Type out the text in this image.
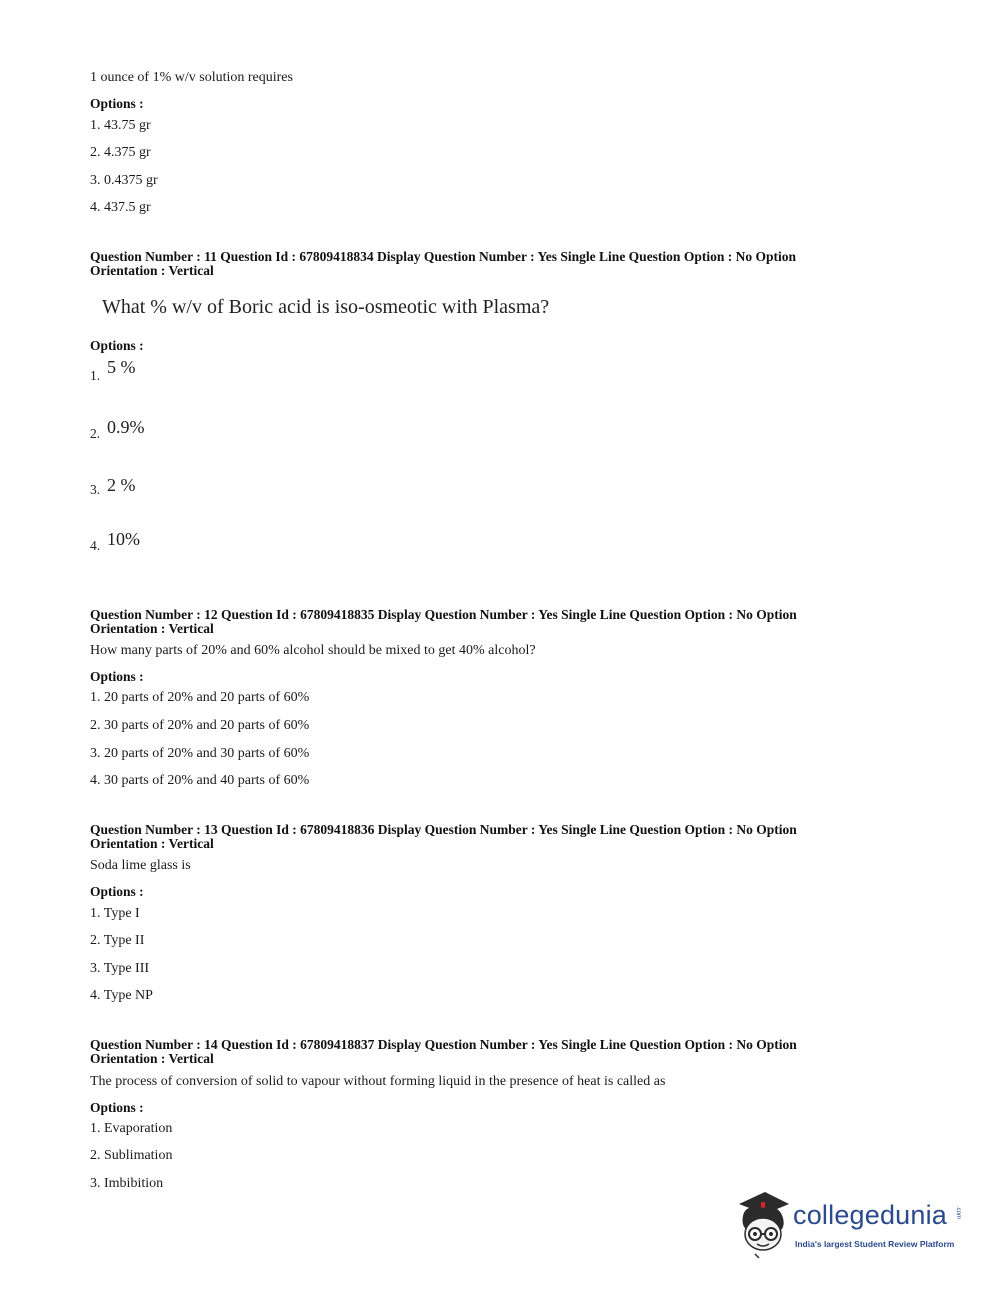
1 ounce of 1% w/v solution requires
Options :
1. 43.75 gr
2. 4.375 gr
3. 0.4375 gr
4. 437.5 gr
Question Number : 11 Question Id : 67809418834 Display Question Number : Yes Single Line Question Option : No Option
Orientation : Vertical
What % w/v of Boric acid is iso-osmeotic with Plasma?
Options :
1. 5 %
2. 0.9%
3. 2 %
4. 10%
Question Number : 12 Question Id : 67809418835 Display Question Number : Yes Single Line Question Option : No Option
Orientation : Vertical
How many parts of 20% and 60% alcohol should be mixed to get 40% alcohol?
Options :
1. 20 parts of 20% and 20 parts of 60%
2. 30 parts of 20% and 20 parts of 60%
3. 20 parts of 20% and 30 parts of 60%
4. 30 parts of 20% and 40 parts of 60%
Question Number : 13 Question Id : 67809418836 Display Question Number : Yes Single Line Question Option : No Option
Orientation : Vertical
Soda lime glass is
Options :
1. Type I
2. Type II
3. Type III
4. Type NP
Question Number : 14 Question Id : 67809418837 Display Question Number : Yes Single Line Question Option : No Option
Orientation : Vertical
The process of conversion of solid to vapour without forming liquid in the presence of heat is called as
Options :
1. Evaporation
2. Sublimation
3. Imbibition
collegedunia .com
India's largest Student Review Platform
